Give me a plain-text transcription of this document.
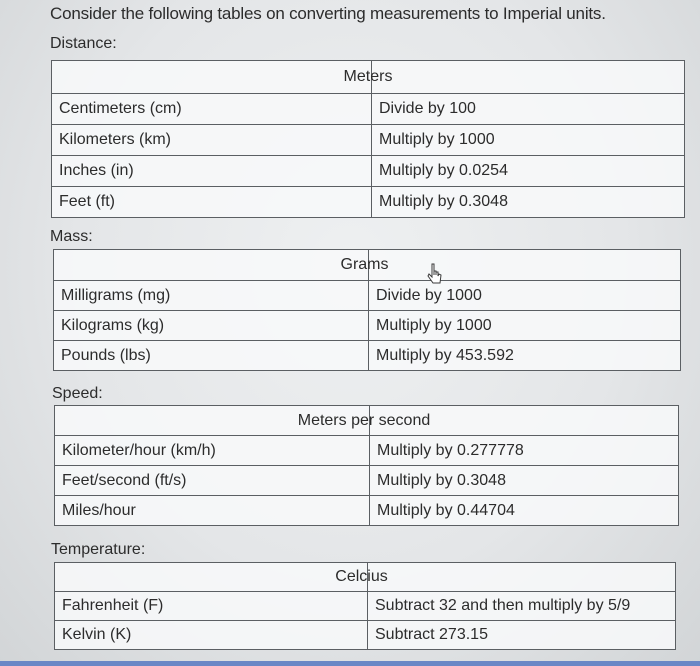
Consider the following tables on converting measurements to Imperial units.
Distance:
	Meters
Centimeters (cm)	Divide by 100
Kilometers (km)	Multiply by 1000
Inches (in)	Multiply by 0.0254
Feet (ft)	Multiply by 0.3048
Mass:
	Grams
Milligrams (mg)	Divide by 1000
Kilograms (kg)	Multiply by 1000
Pounds (lbs)	Multiply by 453.592
Speed:
	Meters per second
Kilometer/hour (km/h)	Multiply by 0.277778
Feet/second (ft/s)	Multiply by 0.3048
Miles/hour	Multiply by 0.44704
Temperature:
	Celcius
Fahrenheit (F)	Subtract 32 and then multiply by 5/9
Kelvin (K)	Subtract 273.15
